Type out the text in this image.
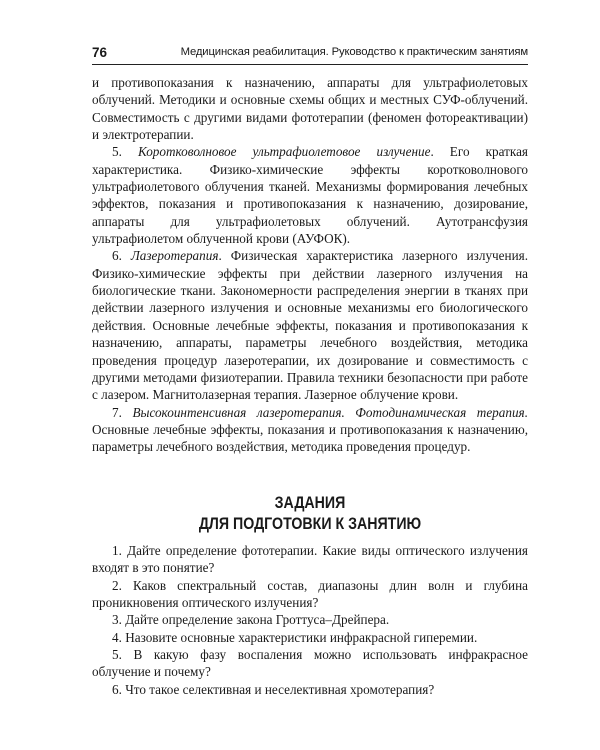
76	Медицинская реабилитация. Руководство к практическим занятиям

и противопоказания к назначению, аппараты для ультрафиолетовых облучений. Методики и основные схемы общих и местных СУФ-облучений. Совместимость с другими видами фототерапии (феномен фотореактивации) и электротерапии.

5. Коротковолновое ультрафиолетовое излучение. Его краткая характеристика. Физико-химические эффекты коротковолнового ультрафиолетового облучения тканей. Механизмы формирования лечебных эффектов, показания и противопоказания к назначению, дозирование, аппараты для ультрафиолетовых облучений. Аутотрансфузия ультрафиолетом облученной крови (АУФОК).

6. Лазеротерапия. Физическая характеристика лазерного излучения. Физико-химические эффекты при действии лазерного излучения на биологические ткани. Закономерности распределения энергии в тканях при действии лазерного излучения и основные механизмы его биологического действия. Основные лечебные эффекты, показания и противопоказания к назначению, аппараты, параметры лечебного воздействия, методика проведения процедур лазеротерапии, их дозирование и совместимость с другими методами физиотерапии. Правила техники безопасности при работе с лазером. Магнитолазерная терапия. Лазерное облучение крови.

7. Высокоинтенсивная лазеротерапия. Фотодинамическая терапия. Основные лечебные эффекты, показания и противопоказания к назначению, параметры лечебного воздействия, методика проведения процедур.

ЗАДАНИЯ
ДЛЯ ПОДГОТОВКИ К ЗАНЯТИЮ

1. Дайте определение фототерапии. Какие виды оптического излучения входят в это понятие?

2. Каков спектральный состав, диапазоны длин волн и глубина проникновения оптического излучения?

3. Дайте определение закона Гроттуса–Дрейпера.

4. Назовите основные характеристики инфракрасной гиперемии.

5. В какую фазу воспаления можно использовать инфракрасное облучение и почему?

6. Что такое селективная и неселективная хромотерапия?
